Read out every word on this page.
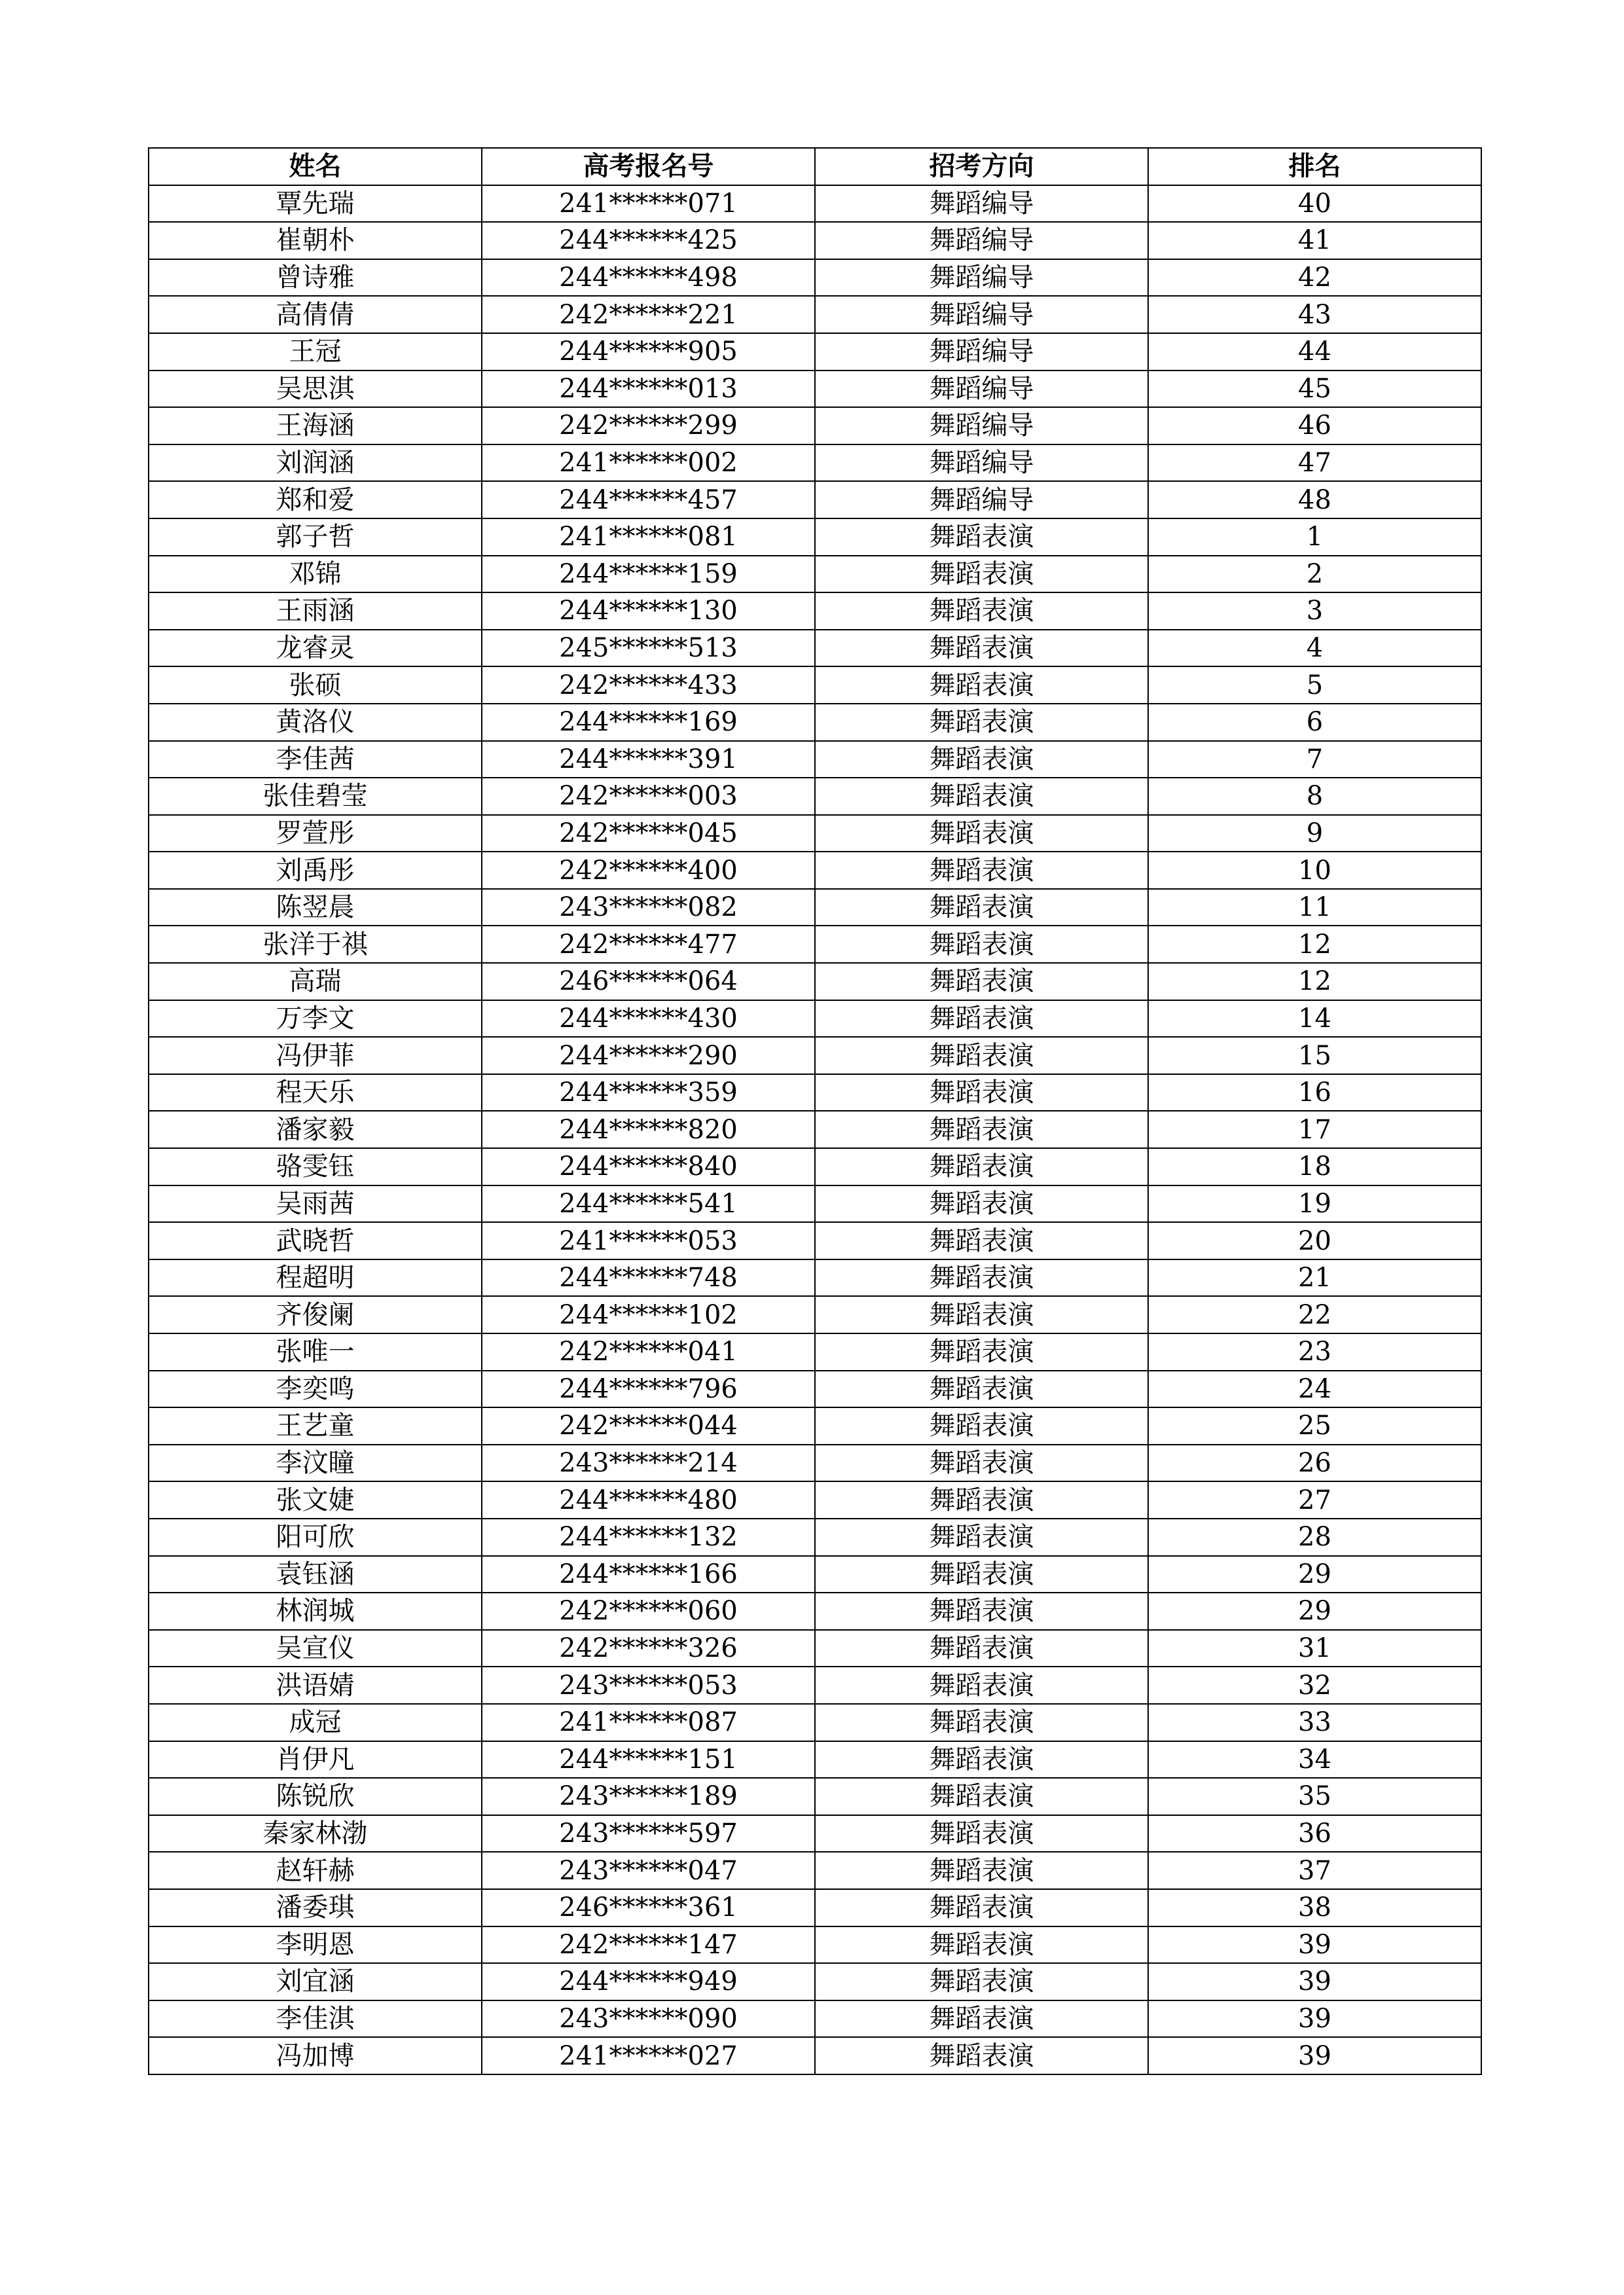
姓名	高考报名号	招考方向	排名
覃先瑞	241******071	舞蹈编导	40
崔朝朴	244******425	舞蹈编导	41
曾诗雅	244******498	舞蹈编导	42
高倩倩	242******221	舞蹈编导	43
王冠	244******905	舞蹈编导	44
吴思淇	244******013	舞蹈编导	45
王海涵	242******299	舞蹈编导	46
刘润涵	241******002	舞蹈编导	47
郑和爱	244******457	舞蹈编导	48
郭子哲	241******081	舞蹈表演	1
邓锦	244******159	舞蹈表演	2
王雨涵	244******130	舞蹈表演	3
龙睿灵	245******513	舞蹈表演	4
张硕	242******433	舞蹈表演	5
黄洛仪	244******169	舞蹈表演	6
李佳茜	244******391	舞蹈表演	7
张佳碧莹	242******003	舞蹈表演	8
罗萱彤	242******045	舞蹈表演	9
刘禹彤	242******400	舞蹈表演	10
陈翌晨	243******082	舞蹈表演	11
张洋于祺	242******477	舞蹈表演	12
高瑞	246******064	舞蹈表演	12
万李文	244******430	舞蹈表演	14
冯伊菲	244******290	舞蹈表演	15
程天乐	244******359	舞蹈表演	16
潘家毅	244******820	舞蹈表演	17
骆雯钰	244******840	舞蹈表演	18
吴雨茜	244******541	舞蹈表演	19
武晓哲	241******053	舞蹈表演	20
程超明	244******748	舞蹈表演	21
齐俊阑	244******102	舞蹈表演	22
张唯一	242******041	舞蹈表演	23
李奕鸣	244******796	舞蹈表演	24
王艺童	242******044	舞蹈表演	25
李汶瞳	243******214	舞蹈表演	26
张文婕	244******480	舞蹈表演	27
阳可欣	244******132	舞蹈表演	28
袁钰涵	244******166	舞蹈表演	29
林润城	242******060	舞蹈表演	29
吴宣仪	242******326	舞蹈表演	31
洪语婧	243******053	舞蹈表演	32
成冠	241******087	舞蹈表演	33
肖伊凡	244******151	舞蹈表演	34
陈锐欣	243******189	舞蹈表演	35
秦家林渤	243******597	舞蹈表演	36
赵轩赫	243******047	舞蹈表演	37
潘委琪	246******361	舞蹈表演	38
李明恩	242******147	舞蹈表演	39
刘宜涵	244******949	舞蹈表演	39
李佳淇	243******090	舞蹈表演	39
冯加博	241******027	舞蹈表演	39
